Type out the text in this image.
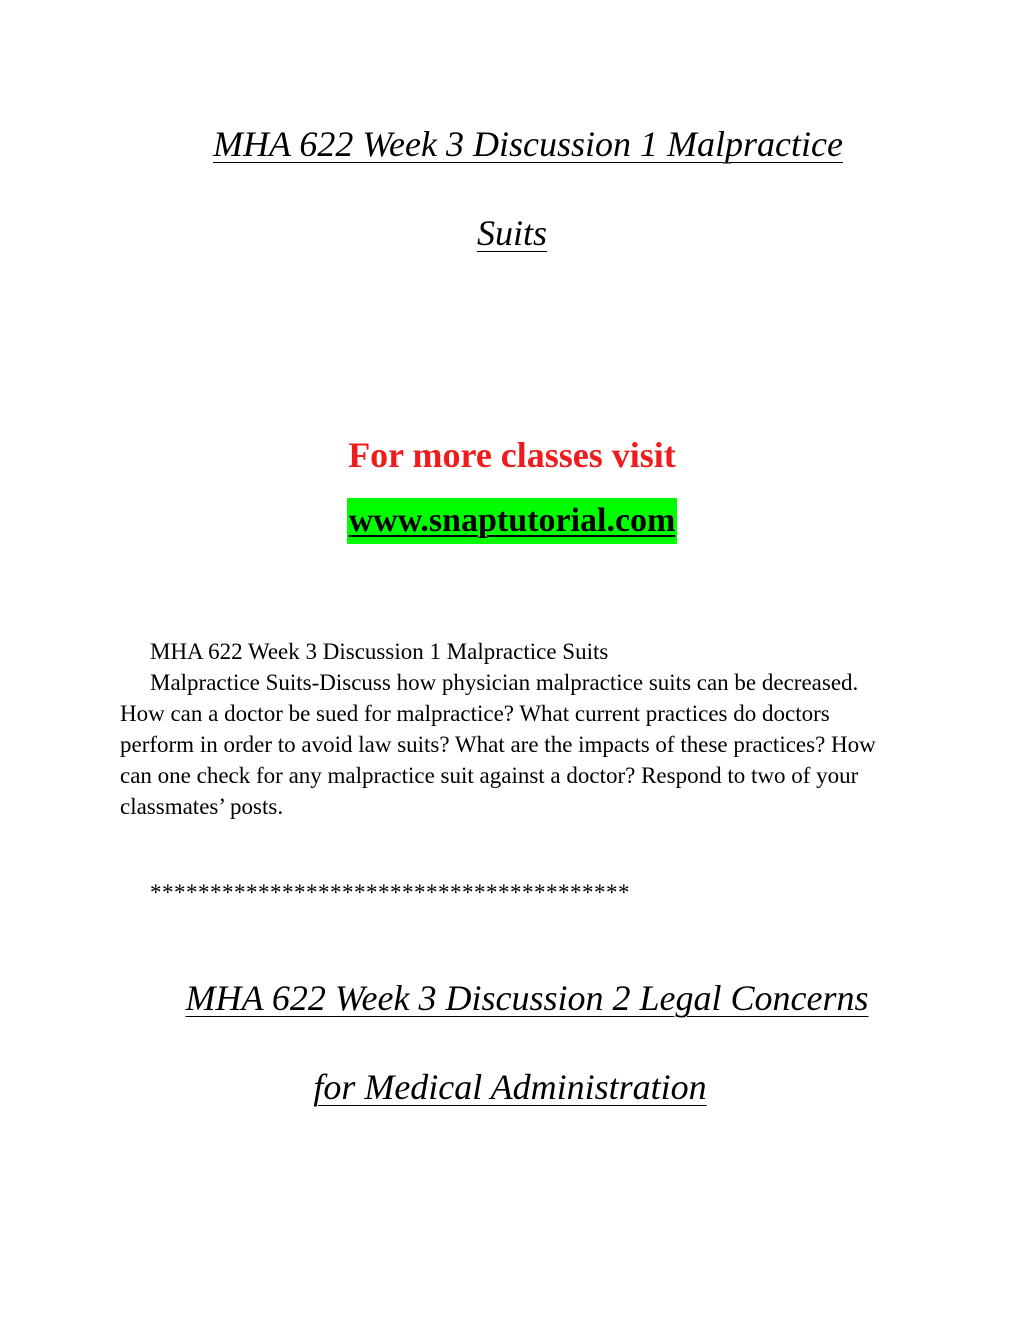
MHA 622 Week 3 Discussion 1 Malpractice
Suits

For more classes visit

www.snaptutorial.com

MHA 622 Week 3 Discussion 1 Malpractice Suits

Malpractice Suits-Discuss how physician malpractice suits can be decreased. How can a doctor be sued for malpractice? What current practices do doctors perform in order to avoid law suits? What are the impacts of these practices? How can one check for any malpractice suit against a doctor? Respond to two of your classmates’ posts.

****************************************

MHA 622 Week 3 Discussion 2 Legal Concerns
for Medical Administration
